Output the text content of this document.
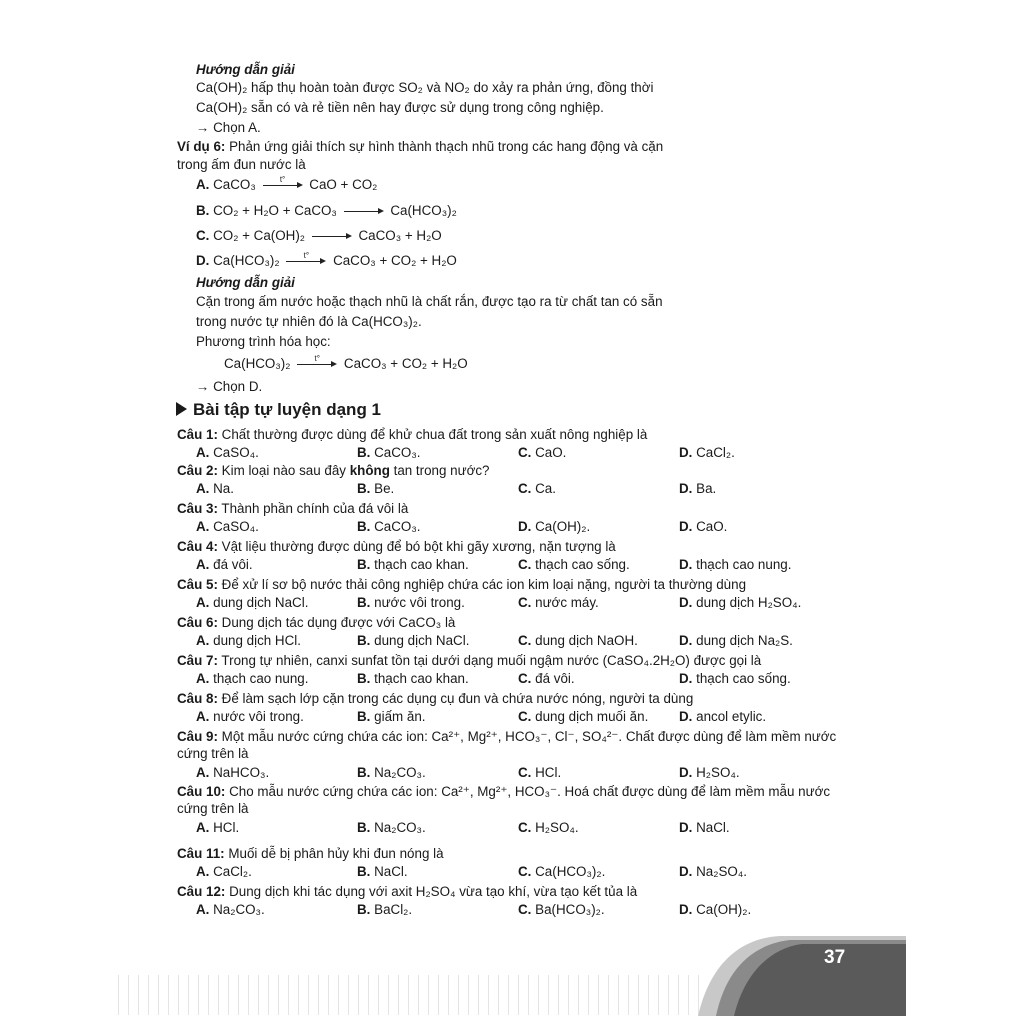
Hướng dẫn giải
Ca(OH)₂ hấp thụ hoàn toàn được SO₂ và NO₂ do xảy ra phản ứng, đồng thời
Ca(OH)₂ sẵn có và rẻ tiền nên hay được sử dụng trong công nghiệp.
→ Chọn A.
Ví dụ 6: Phản ứng giải thích sự hình thành thạch nhũ trong các hang động và cặn
trong ấm đun nước là
A. CaCO₃	t°	CaO + CO₂
B. CO₂ + H₂O + CaCO₃	Ca(HCO₃)₂
C. CO₂ + Ca(OH)₂	CaCO₃ + H₂O
D. Ca(HCO₃)₂	t°	CaCO₃ + CO₂ + H₂O
Hướng dẫn giải
Cặn trong ấm nước hoặc thạch nhũ là chất rắn, được tạo ra từ chất tan có sẵn
trong nước tự nhiên đó là Ca(HCO₃)₂.
Phương trình hóa học:
Ca(HCO₃)₂	t°	CaCO₃ + CO₂ + H₂O
→ Chọn D.
Bài tập tự luyện dạng 1
Câu 1: Chất thường được dùng để khử chua đất trong sản xuất nông nghiệp là
A. CaSO₄.	B. CaCO₃.	C. CaO.	D. CaCl₂.
Câu 2: Kim loại nào sau đây không tan trong nước?
A. Na.	B. Be.	C. Ca.	D. Ba.
Câu 3: Thành phần chính của đá vôi là
A. CaSO₄.	B. CaCO₃.	D. Ca(OH)₂.	D. CaO.
Câu 4: Vật liệu thường được dùng để bó bột khi gãy xương, nặn tượng là
A. đá vôi.	B. thạch cao khan.	C. thạch cao sống.	D. thạch cao nung.
Câu 5: Để xử lí sơ bộ nước thải công nghiệp chứa các ion kim loại nặng, người ta thường dùng
A. dung dịch NaCl.	B. nước vôi trong.	C. nước máy.	D. dung dịch H₂SO₄.
Câu 6: Dung dịch tác dụng được với CaCO₃ là
A. dung dịch HCl.	B. dung dịch NaCl.	C. dung dịch NaOH.	D. dung dịch Na₂S.
Câu 7: Trong tự nhiên, canxi sunfat tồn tại dưới dạng muối ngậm nước (CaSO₄.2H₂O) được gọi là
A. thạch cao nung.	B. thạch cao khan.	C. đá vôi.	D. thạch cao sống.
Câu 8: Để làm sạch lớp cặn trong các dụng cụ đun và chứa nước nóng, người ta dùng
A. nước vôi trong.	B. giấm ăn.	C. dung dịch muối ăn. D. ancol etylic.
Câu 9: Một mẫu nước cứng chứa các ion: Ca²⁺, Mg²⁺, HCO₃⁻, Cl⁻, SO₄²⁻. Chất được dùng để làm mềm nước
cứng trên là
A. NaHCO₃.	B. Na₂CO₃.	C. HCl.	D. H₂SO₄.
Câu 10: Cho mẫu nước cứng chứa các ion: Ca²⁺, Mg²⁺, HCO₃⁻. Hoá chất được dùng để làm mềm mẫu nước
cứng trên là
A. HCl.	B. Na₂CO₃.	C. H₂SO₄.	D. NaCl.
Câu 11: Muối dễ bị phân hủy khi đun nóng là
A. CaCl₂.	B. NaCl.	C. Ca(HCO₃)₂.	D. Na₂SO₄.
Câu 12: Dung dịch khi tác dụng với axit H₂SO₄ vừa tạo khí, vừa tạo kết tủa là
A. Na₂CO₃.	B. BaCl₂.	C. Ba(HCO₃)₂.	D. Ca(OH)₂.
37
